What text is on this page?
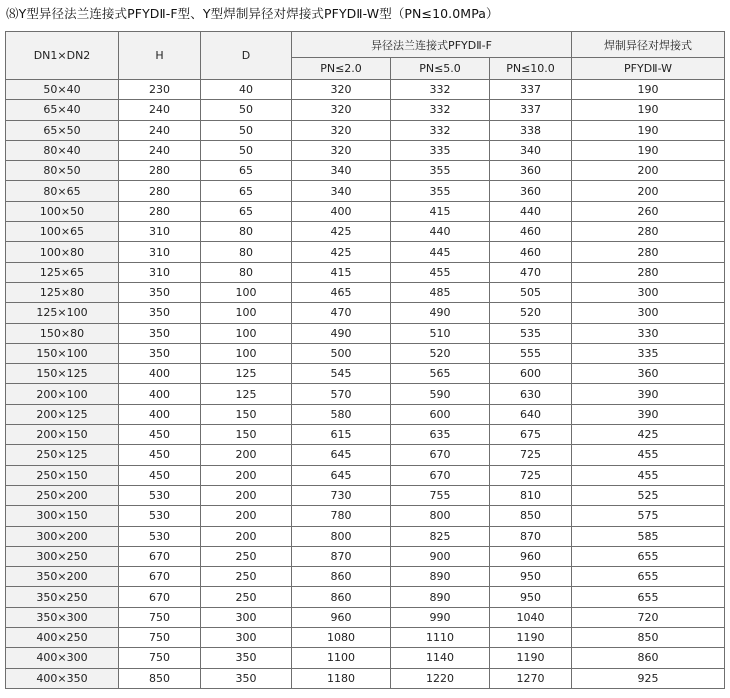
⑻Y型异径法兰连接式PFYDⅡ-F型、Y型焊制异径对焊接式PFYDⅡ-W型（PN≤10.0MPa）
DN1×DN2	H	D	异径法兰连接式PFYDⅡ-F			焊制异径对焊接式
			PN≤2.0	PN≤5.0	PN≤10.0	PFYDⅡ-W
50×40	230	40	320	332	337	190
65×40	240	50	320	332	337	190
65×50	240	50	320	332	338	190
80×40	240	50	320	335	340	190
80×50	280	65	340	355	360	200
80×65	280	65	340	355	360	200
100×50	280	65	400	415	440	260
100×65	310	80	425	440	460	280
100×80	310	80	425	445	460	280
125×65	310	80	415	455	470	280
125×80	350	100	465	485	505	300
125×100	350	100	470	490	520	300
150×80	350	100	490	510	535	330
150×100	350	100	500	520	555	335
150×125	400	125	545	565	600	360
200×100	400	125	570	590	630	390
200×125	400	150	580	600	640	390
200×150	450	150	615	635	675	425
250×125	450	200	645	670	725	455
250×150	450	200	645	670	725	455
250×200	530	200	730	755	810	525
300×150	530	200	780	800	850	575
300×200	530	200	800	825	870	585
300×250	670	250	870	900	960	655
350×200	670	250	860	890	950	655
350×250	670	250	860	890	950	655
350×300	750	300	960	990	1040	720
400×250	750	300	1080	1110	1190	850
400×300	750	350	1100	1140	1190	860
400×350	850	350	1180	1220	1270	925
